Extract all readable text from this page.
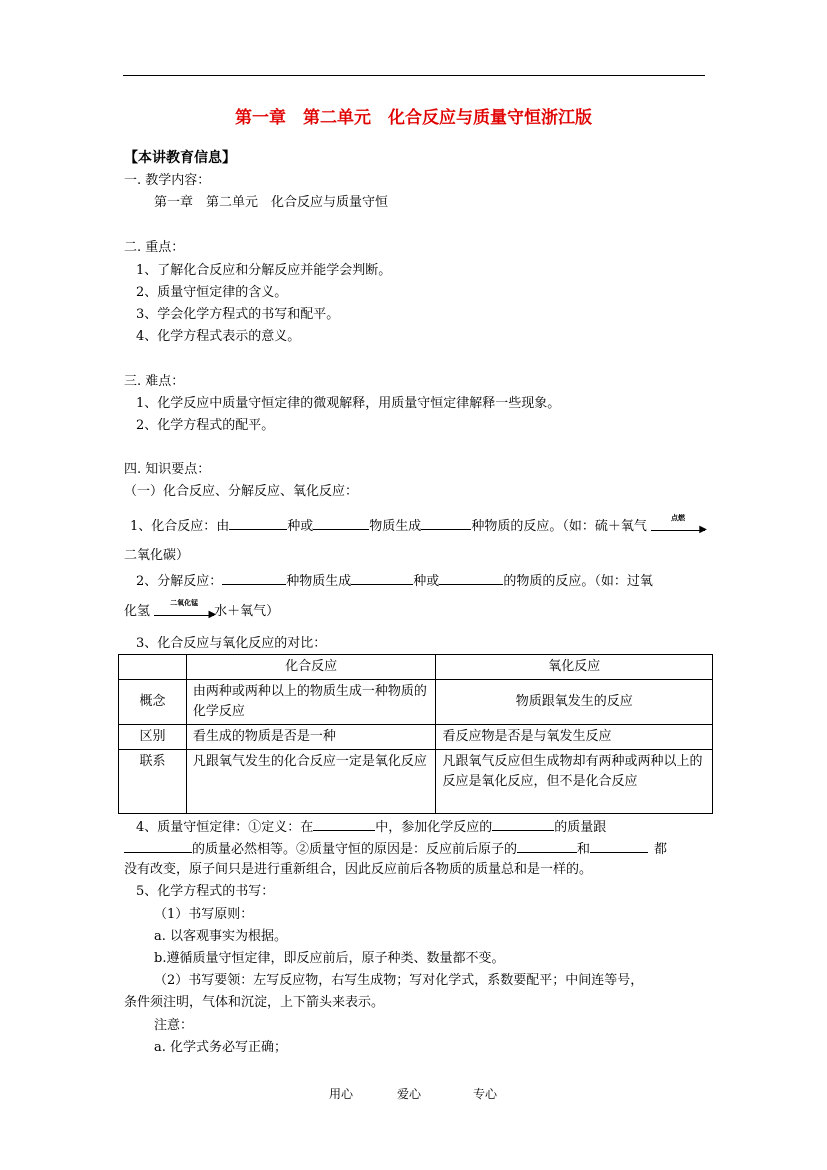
第一章　第二单元　化合反应与质量守恒浙江版
【本讲教育信息】
一. 教学内容：
第一章　第二单元　化合反应与质量守恒
二. 重点：
1、了解化合反应和分解反应并能学会判断。
2、质量守恒定律的含义。
3、学会化学方程式的书写和配平。
4、化学方程式表示的意义。
三. 难点：
1、化学反应中质量守恒定律的微观解释，用质量守恒定律解释一些现象。
2、化学方程式的配平。
四. 知识要点：
（一）化合反应、分解反应、氧化反应：
1、化合反应：由	种或	物质生成	种物质的反应。（如：硫＋氧气
点燃
▶
二氧化碳）
2、分解反应：	种物质生成	种或	的物质的反应。（如：过氧
化氢
二氧化锰
▶
水＋氧气）
3、化合反应与氧化反应的对比：
	化合反应	氧化反应
概念	由两种或两种以上的物质生成一种物质的化学反应	物质跟氧发生的反应
区别	看生成的物质是否是一种	看反应物是否是与氧发生反应
联系	凡跟氧气发生的化合反应一定是氧化反应	凡跟氧气反应但生成物却有两种或两种以上的反应是氧化反应，但不是化合反应
4、质量守恒定律：①定义：在	中，参加化学反应的	的质量跟
的质量必然相等。②质量守恒的原因是：反应前后原子的	和	都
没有改变，原子间只是进行重新组合，因此反应前后各物质的质量总和是一样的。
5、化学方程式的书写：
（1）书写原则：
a. 以客观事实为根据。
b.遵循质量守恒定律，即反应前后，原子种类、数量都不变。
（2）书写要领：左写反应物，右写生成物；写对化学式，系数要配平；中间连等号，
条件须注明，气体和沉淀，上下箭头来表示。
注意：
a. 化学式务必写正确；
用心	爱心	专心
